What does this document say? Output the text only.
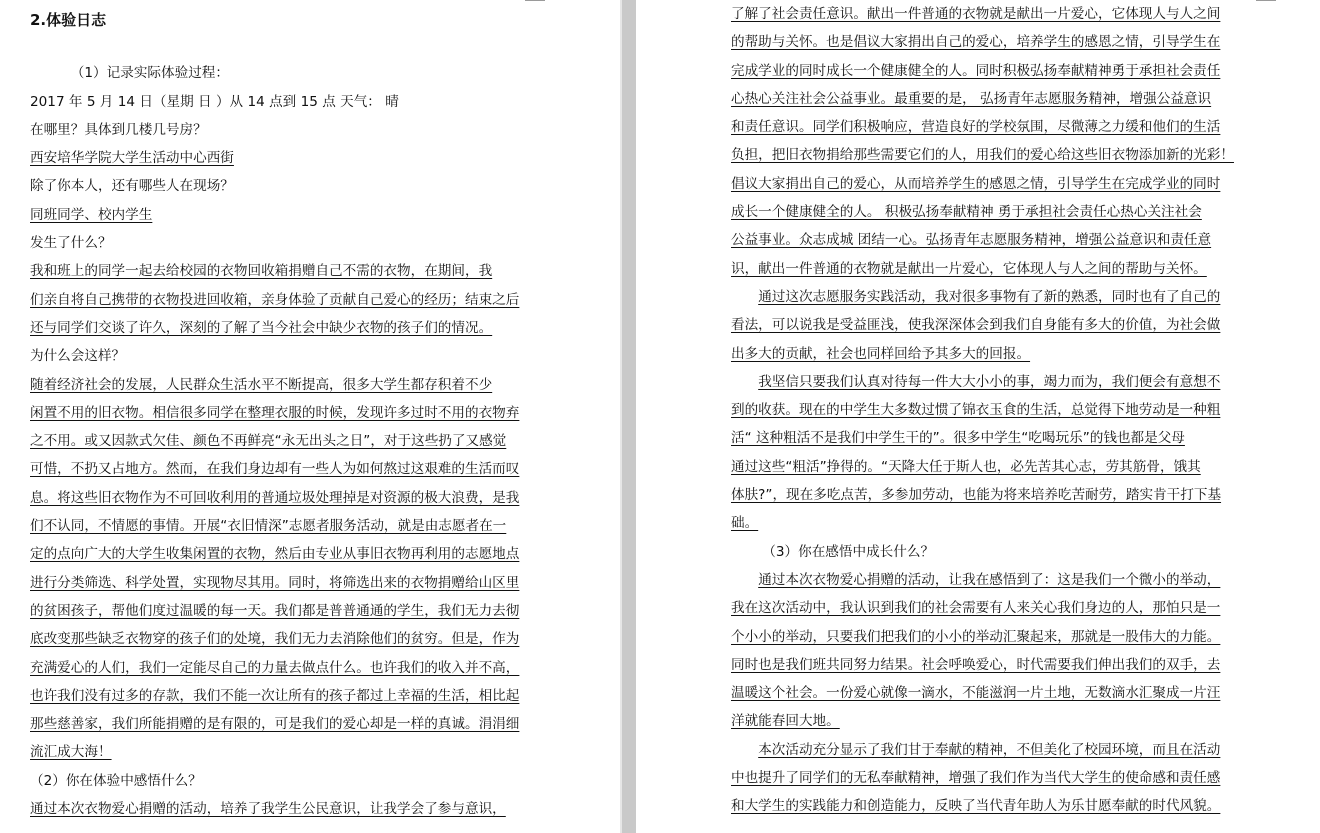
2.体验日志
（1）记录实际体验过程：
2017 年 5 月 14 日（星期 日 ）从 14 点到 15 点 天气： 晴
在哪里？具体到几楼几号房？
西安培华学院大学生活动中心西街
除了你本人，还有哪些人在现场？
同班同学、校内学生
发生了什么？
我和班上的同学一起去给校园的衣物回收箱捐赠自己不需的衣物，在期间，我
们亲自将自己携带的衣物投进回收箱，亲身体验了贡献自己爱心的经历；结束之后
还与同学们交谈了许久，深刻的了解了当今社会中缺少衣物的孩子们的情况。
为什么会这样？
随着经济社会的发展，人民群众生活水平不断提高，很多大学生都存积着不少
闲置不用的旧衣物。相信很多同学在整理衣服的时候，发现许多过时不用的衣物弃
之不用。或又因款式欠佳、颜色不再鲜亮“永无出头之日”，对于这些扔了又感觉
可惜，不扔又占地方。然而，在我们身边却有一些人为如何熬过这艰难的生活而叹
息。将这些旧衣物作为不可回收利用的普通垃圾处理掉是对资源的极大浪费，是我
们不认同，不情愿的事情。开展“衣旧情深”志愿者服务活动，就是由志愿者在一
定的点向广大的大学生收集闲置的衣物，然后由专业从事旧衣物再利用的志愿地点
进行分类筛选、科学处置，实现物尽其用。同时，将筛选出来的衣物捐赠给山区里
的贫困孩子，帮他们度过温暖的每一天。我们都是普普通通的学生，我们无力去彻
底改变那些缺乏衣物穿的孩子们的处境，我们无力去消除他们的贫穷。但是，作为
充满爱心的人们，我们一定能尽自己的力量去做点什么。也许我们的收入并不高，
也许我们没有过多的存款，我们不能一次让所有的孩子都过上幸福的生活，相比起
那些慈善家，我们所能捐赠的是有限的，可是我们的爱心却是一样的真诚。涓涓细
流汇成大海！
（2）你在体验中感悟什么？
通过本次衣物爱心捐赠的活动，培养了我学生公民意识，让我学会了参与意识，
了解了社会责任意识。献出一件普通的衣物就是献出一片爱心，它体现人与人之间
的帮助与关怀。也是倡议大家捐出自己的爱心，培养学生的感恩之情，引导学生在
完成学业的同时成长一个健康健全的人。同时积极弘扬奉献精神勇于承担社会责任
心热心关注社会公益事业。最重要的是， 弘扬青年志愿服务精神，增强公益意识
和责任意识。同学们积极响应，营造良好的学校氛围，尽微薄之力缓和他们的生活
负担，把旧衣物捐给那些需要它们的人，用我们的爱心给这些旧衣物添加新的光彩！
倡议大家捐出自己的爱心，从而培养学生的感恩之情，引导学生在完成学业的同时
成长一个健康健全的人。 积极弘扬奉献精神 勇于承担社会责任心热心关注社会
公益事业。众志成城 团结一心。弘扬青年志愿服务精神，增强公益意识和责任意
识，献出一件普通的衣物就是献出一片爱心，它体现人与人之间的帮助与关怀。
通过这次志愿服务实践活动，我对很多事物有了新的熟悉，同时也有了自己的
看法，可以说我是受益匪浅，使我深深体会到我们自身能有多大的价值，为社会做
出多大的贡献，社会也同样回给予其多大的回报。
我坚信只要我们认真对待每一件大大小小的事，竭力而为，我们便会有意想不
到的收获。现在的中学生大多数过惯了锦衣玉食的生活，总觉得下地劳动是一种粗
活“ 这种粗活不是我们中学生干的”。很多中学生“吃喝玩乐”的钱也都是父母
通过这些“粗活”挣得的。“天降大任于斯人也，必先苦其心志，劳其筋骨，饿其
体肤?”，现在多吃点苦，多参加劳动，也能为将来培养吃苦耐劳，踏实肯干打下基
础。
（3）你在感悟中成长什么？
通过本次衣物爱心捐赠的活动，让我在感悟到了：这是我们一个微小的举动，
我在这次活动中，我认识到我们的社会需要有人来关心我们身边的人，那怕只是一
个小小的举动，只要我们把我们的小小的举动汇聚起来，那就是一股伟大的力能。
同时也是我们班共同努力结果。社会呼唤爱心，时代需要我们伸出我们的双手，去
温暖这个社会。一份爱心就像一滴水，不能滋润一片土地，无数滴水汇聚成一片汪
洋就能春回大地。
本次活动充分显示了我们甘于奉献的精神，不但美化了校园环境，而且在活动
中也提升了同学们的无私奉献精神，增强了我们作为当代大学生的使命感和责任感
和大学生的实践能力和创造能力，反映了当代青年助人为乐甘愿奉献的时代风貌。
